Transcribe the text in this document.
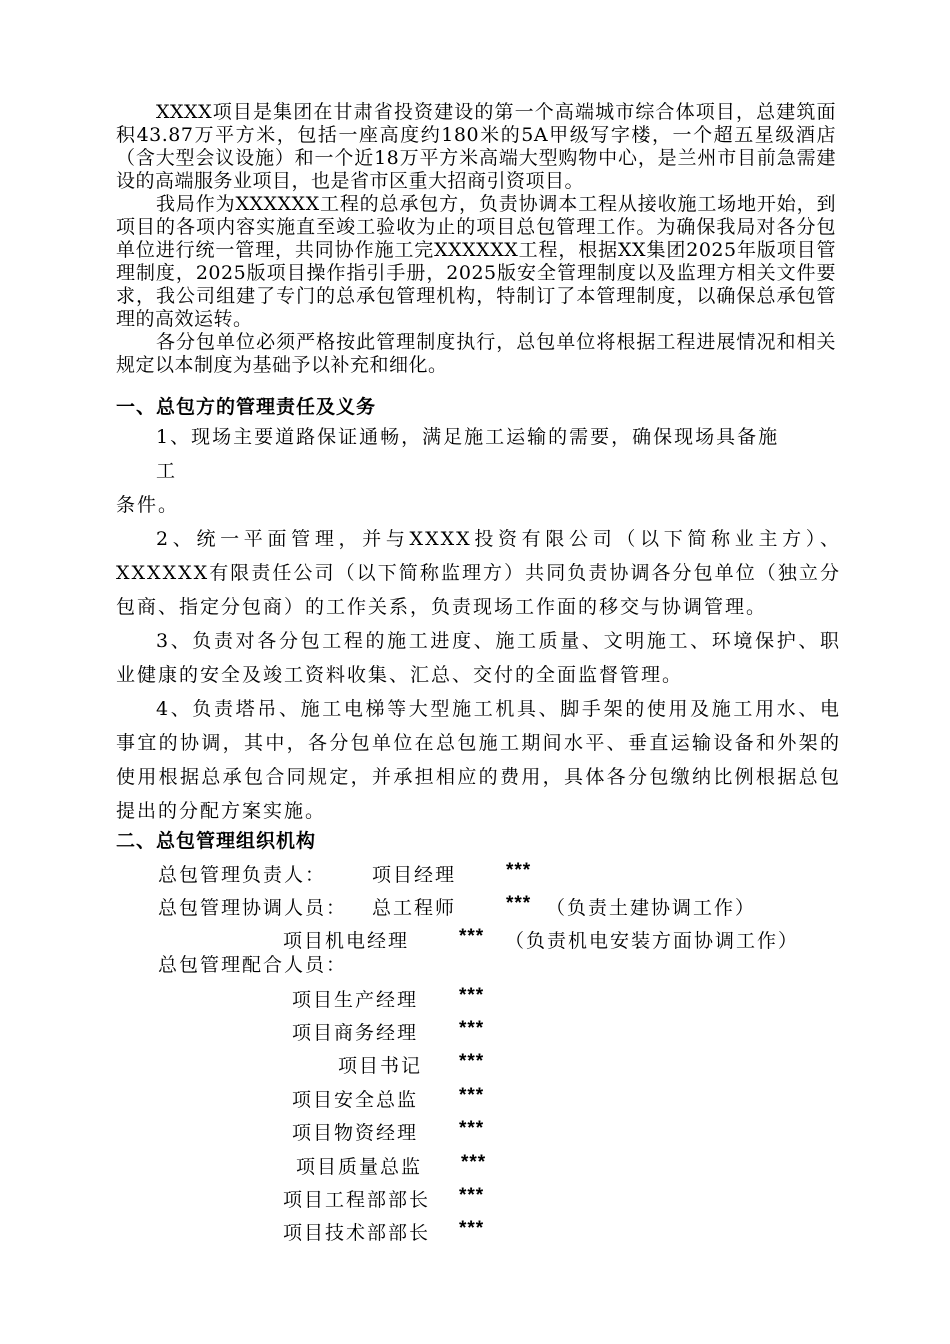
XXXX项目是集团在甘肃省投资建设的第一个高端城市综合体项目，总建筑面积43.87万平方米，包括一座高度约180米的5A甲级写字楼，一个超五星级酒店（含大型会议设施）和一个近18万平方米高端大型购物中心，是兰州市目前急需建设的高端服务业项目，也是省市区重大招商引资项目。

我局作为XXXXXX工程的总承包方，负责协调本工程从接收施工场地开始，到项目的各项内容实施直至竣工验收为止的项目总包管理工作。为确保我局对各分包单位进行统一管理，共同协作施工完XXXXXX工程，根据XX集团2025年版项目管理制度，2025版项目操作指引手册，2025版安全管理制度以及监理方相关文件要求，我公司组建了专门的总承包管理机构，特制订了本管理制度，以确保总承包管理的高效运转。

各分包单位必须严格按此管理制度执行，总包单位将根据工程进展情况和相关规定以本制度为基础予以补充和细化。

一、总包方的管理责任及义务

1、现场主要道路保证通畅，满足施工运输的需要，确保现场具备施

工

条件。

2、统一平面管理，并与XXXX投资有限公司（以下简称业主方）、XXXXXX有限责任公司（以下简称监理方）共同负责协调各分包单位（独立分包商、指定分包商）的工作关系，负责现场工作面的移交与协调管理。

3、负责对各分包工程的施工进度、施工质量、文明施工、环境保护、职业健康的安全及竣工资料收集、汇总、交付的全面监督管理。

4、负责塔吊、施工电梯等大型施工机具、脚手架的使用及施工用水、电事宜的协调，其中，各分包单位在总包施工期间水平、垂直运输设备和外架的使用根据总承包合同规定，并承担相应的费用，具体各分包缴纳比例根据总包提出的分配方案实施。

二、总包管理组织机构
总包管理负责人： 项目经理	***
总包管理协调人员： 总工程师	*** （负责土建协调工作）
项目机电经理	*** （负责机电安装方面协调工作）
总包管理配合人员：
项目生产经理 ***
项目商务经理 ***
项目书记 ***
项目安全总监 ***
项目物资经理 ***
项目质量总监 ***
项目工程部部长 ***
项目技术部部长 ***
